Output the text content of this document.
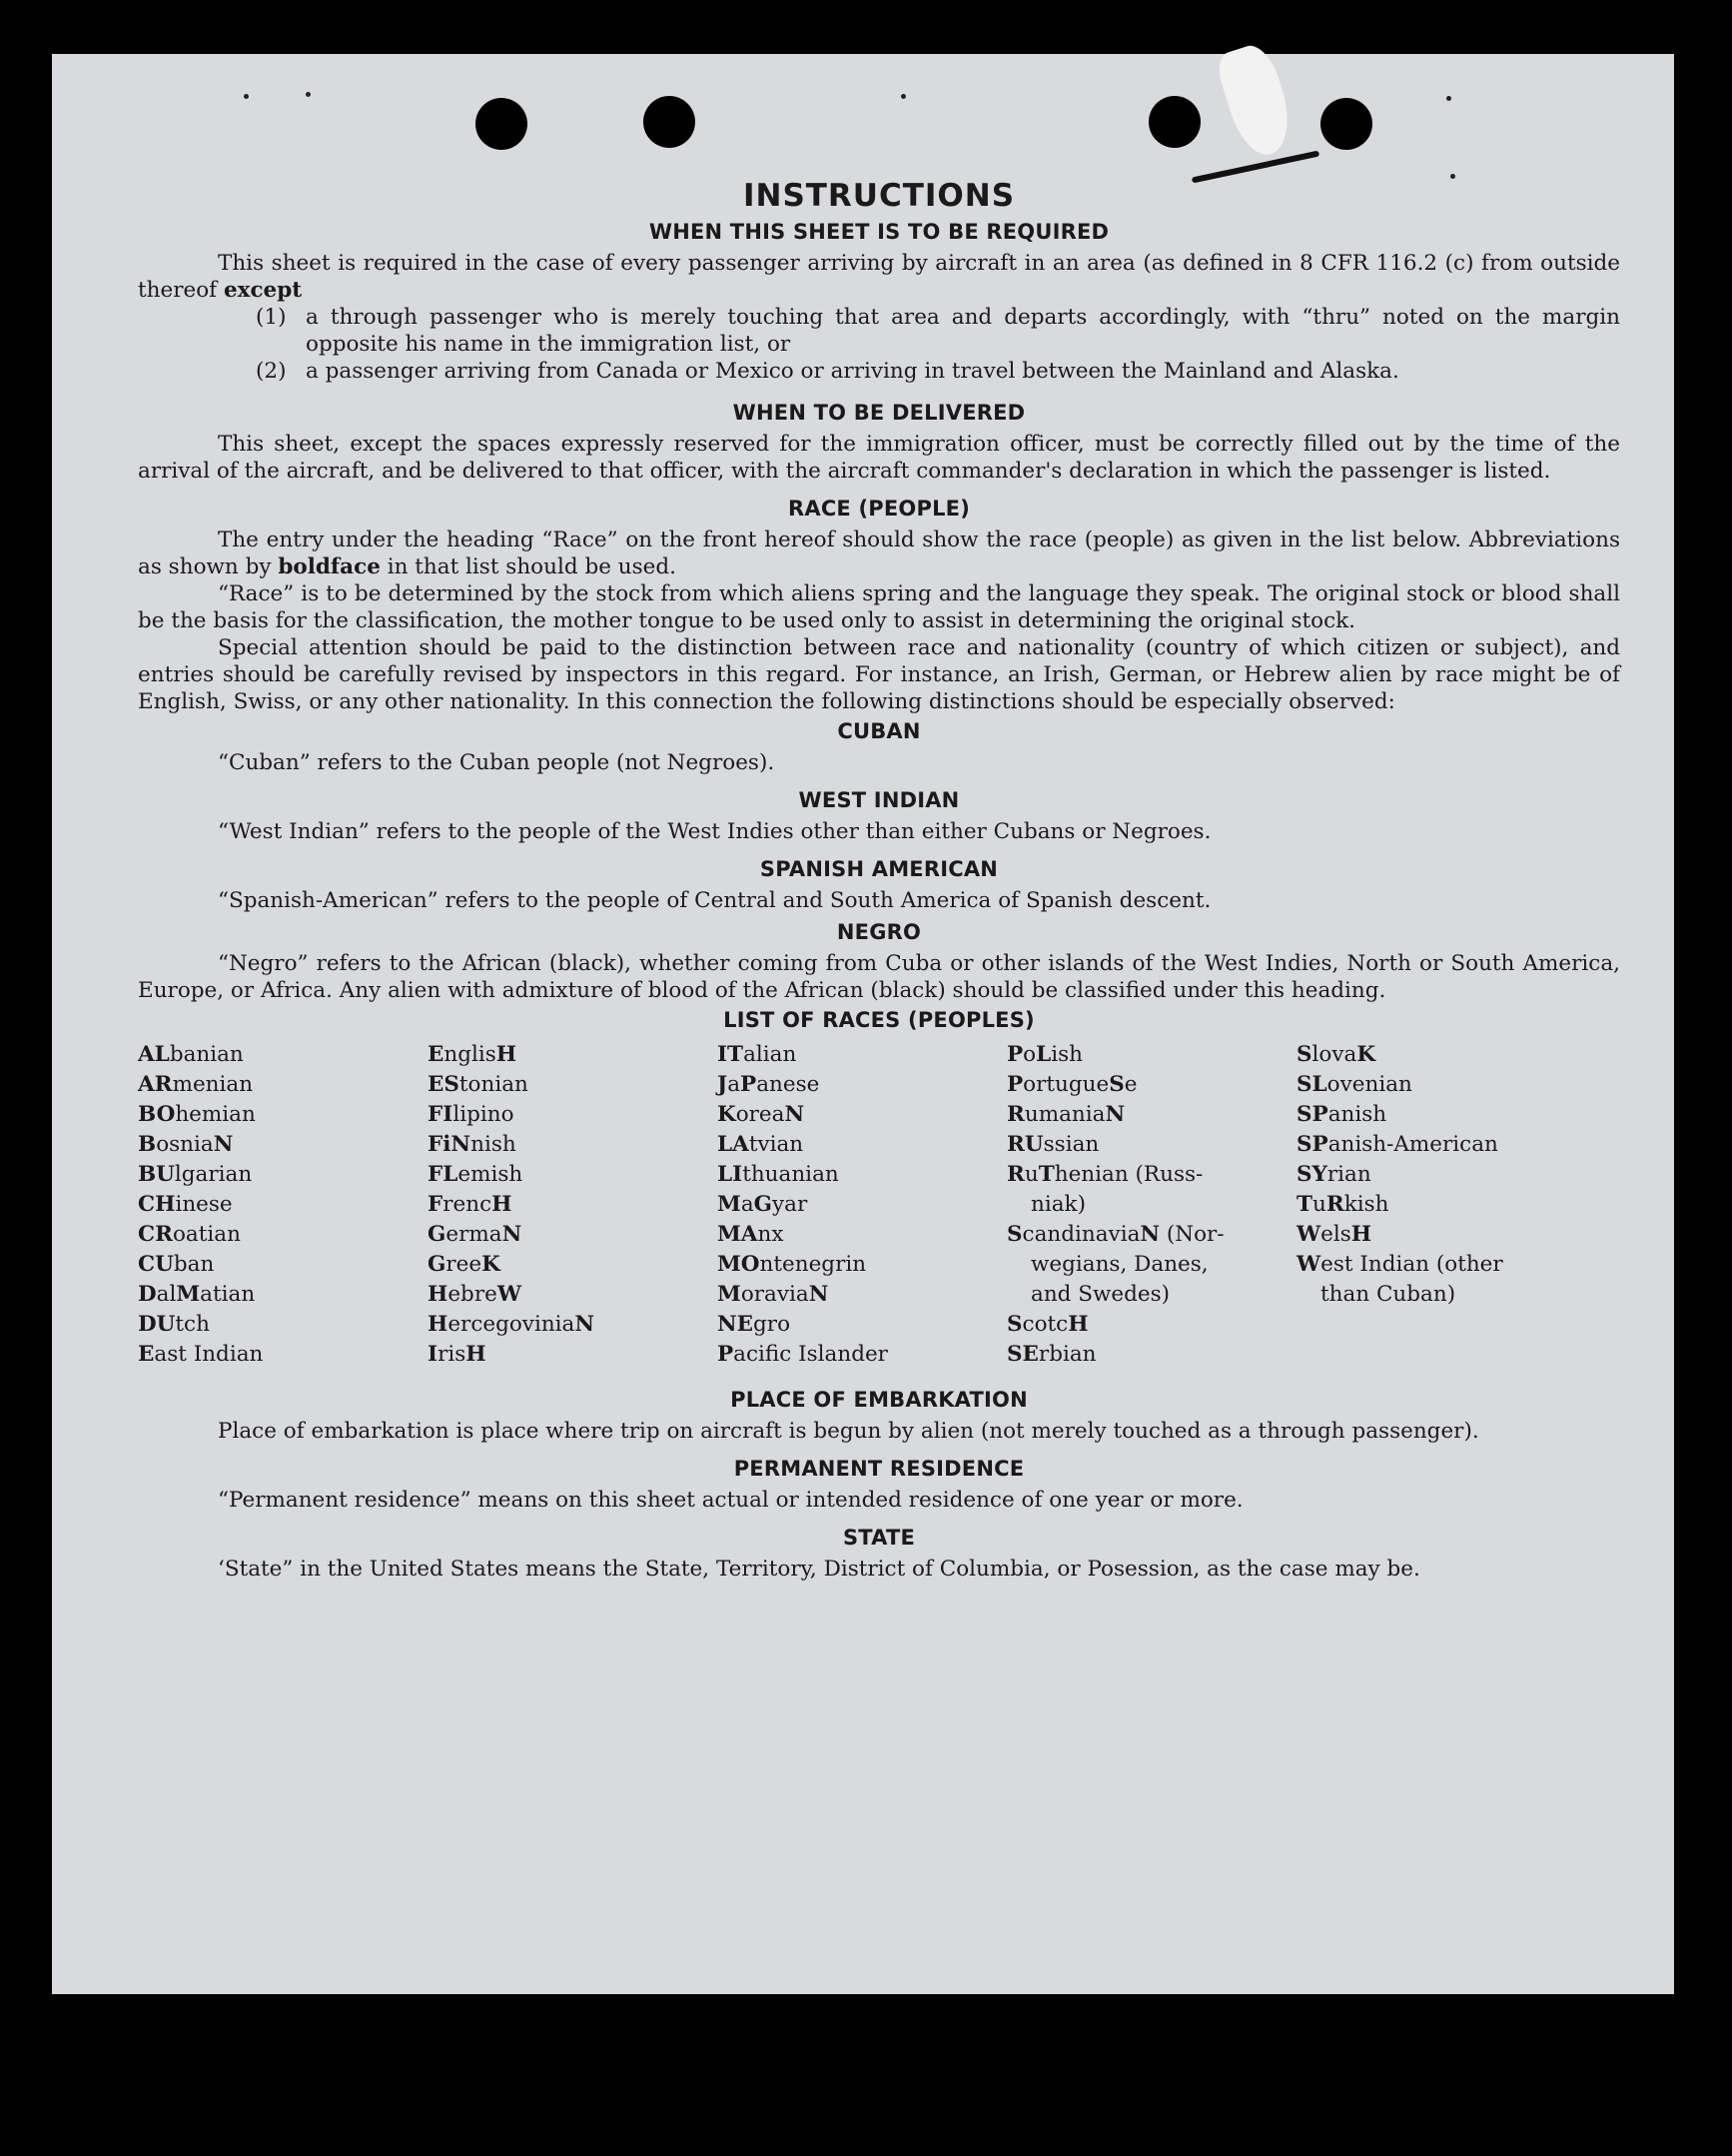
INSTRUCTIONS
WHEN THIS SHEET IS TO BE REQUIRED

This sheet is required in the case of every passenger arriving by aircraft in an area (as defined in 8 CFR 116.2 (c) from outside thereof except

(1) a through passenger who is merely touching that area and departs accordingly, with “thru” noted on the margin opposite his name in the immigration list, or
(2) a passenger arriving from Canada or Mexico or arriving in travel between the Mainland and Alaska.
WHEN TO BE DELIVERED

This sheet, except the spaces expressly reserved for the immigration officer, must be correctly filled out by the time of the arrival of the aircraft, and be delivered to that officer, with the aircraft commander's declaration in which the passenger is listed.

RACE (PEOPLE)

The entry under the heading “Race” on the front hereof should show the race (people) as given in the list below. Abbreviations as shown by boldface in that list should be used.

“Race” is to be determined by the stock from which aliens spring and the language they speak. The original stock or blood shall be the basis for the classification, the mother tongue to be used only to assist in determining the original stock.

Special attention should be paid to the distinction between race and nationality (country of which citizen or subject), and entries should be carefully revised by inspectors in this regard. For instance, an Irish, German, or Hebrew alien by race might be of English, Swiss, or any other nationality. In this connection the following distinctions should be especially observed:

CUBAN

“Cuban” refers to the Cuban people (not Negroes).

WEST INDIAN

“West Indian” refers to the people of the West Indies other than either Cubans or Negroes.

SPANISH AMERICAN

“Spanish-American” refers to the people of Central and South America of Spanish descent.

NEGRO

“Negro” refers to the African (black), whether coming from Cuba or other islands of the West Indies, North or South America, Europe, or Africa. Any alien with admixture of blood of the African (black) should be classified under this heading.

LIST OF RACES (PEOPLES)
ALbanian
ARmenian
BOhemian
BosniaN
BUlgarian
CHinese
CRoatian
CUban
DalMatian
DUtch
East Indian
EnglisH
EStonian
FIlipino
FiNnish
FLemish
FrencH
GermaN
GreeK
HebreW
HercegoviniaN
IrisH
ITalian
JaPanese
KoreaN
LAtvian
LIthuanian
MaGyar
MAnx
MOntenegrin
MoraviaN
NEgro
Pacific Islander
PoLish
PortugueSe
RumaniaN
RUssian
RuThenian (Russ-
niak)
ScandinaviaN (Nor-
wegians, Danes,
and Swedes)
ScotcH
SErbian
SlovaK
SLovenian
SPanish
SPanish-American
SYrian
TuRkish
WelsH
West Indian (other
than Cuban)
PLACE OF EMBARKATION

Place of embarkation is place where trip on aircraft is begun by alien (not merely touched as a through passenger).

PERMANENT RESIDENCE

“Permanent residence” means on this sheet actual or intended residence of one year or more.

STATE

‘State” in the United States means the State, Territory, District of Columbia, or Posession, as the case may be.
